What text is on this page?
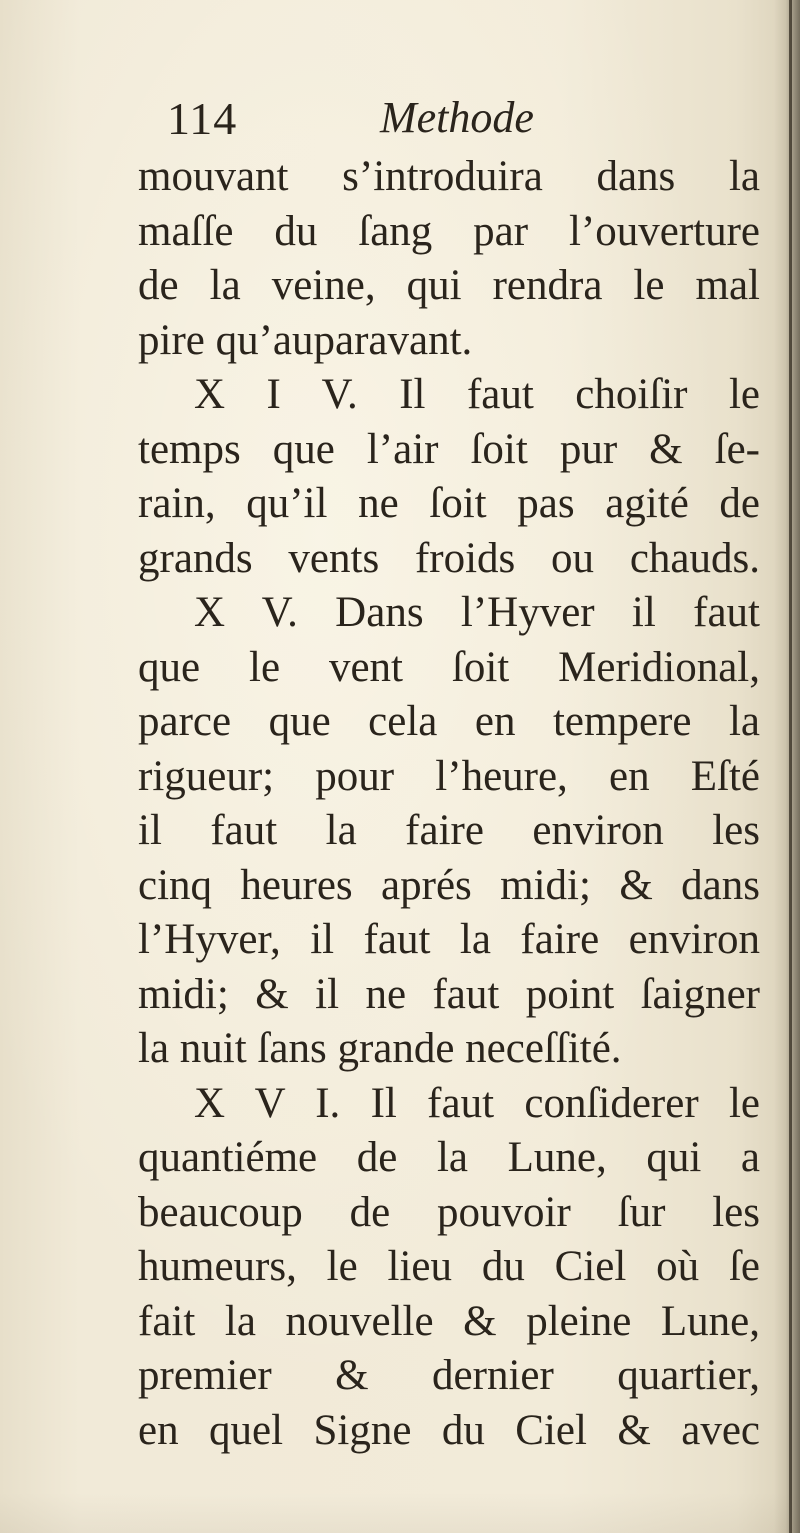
114	Methode
mouvant s’introduira dans la
maſſe du ſang par l’ouverture
de la veine, qui rendra le mal
pire qu’auparavant.
X I V. Il faut choiſir le
temps que l’air ſoit pur & ſe-
rain, qu’il ne ſoit pas agité de
grands vents froids ou chauds.
X V. Dans l’Hyver il faut
que le vent ſoit Meridional,
parce que cela en tempere la
rigueur; pour l’heure, en Eſté
il faut la faire environ les
cinq heures aprés midi; & dans
l’Hyver, il faut la faire environ
midi; & il ne faut point ſaigner
la nuit ſans grande neceſſité.
X V I. Il faut conſiderer le
quantiéme de la Lune, qui a
beaucoup de pouvoir ſur les
humeurs, le lieu du Ciel où ſe
fait la nouvelle & pleine Lune,
premier & dernier quartier,
en quel Signe du Ciel & avec
